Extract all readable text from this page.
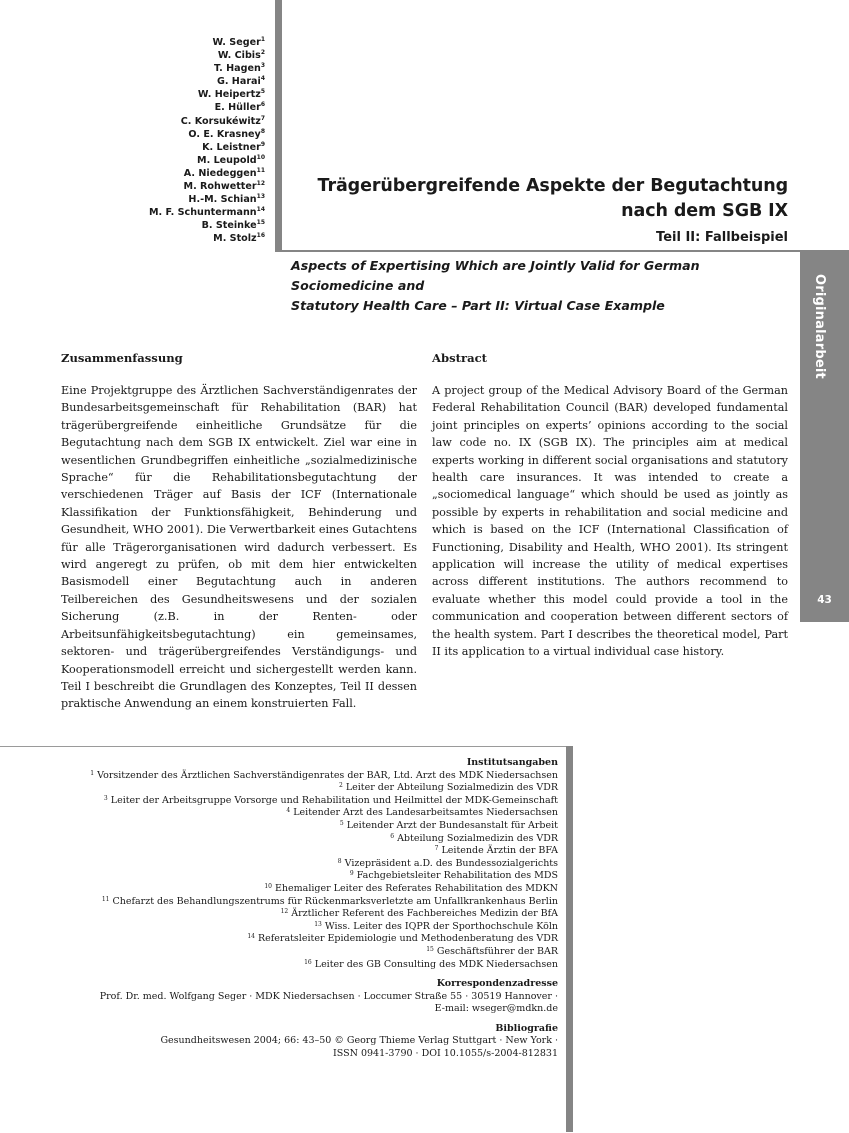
W. Seger$^1$
W. Cibis$^2$
T. Hagen$^3$
G. Harai$^4$
W. Heipertz$^5$
E. Hüller$^6$
C. Korsukéwitz$^7$
O. E. Krasney$^8$
K. Leistner$^9$
M. Leupold$^{10}$
A. Niedeggen$^{11}$
M. Rohwetter$^{12}$
H.-M. Schian$^{13}$
M. F. Schuntermann$^{14}$
B. Steinke$^{15}$
M. Stolz$^{16}$
Trägerübergreifende Aspekte der Begutachtung
nach dem SGB IX
Teil II: Fallbeispiel
Originalarbeit
43
Aspects of Expertising Which are Jointly Valid for German Sociomedicine and
Statutory Health Care – Part II: Virtual Case Example
Zusammenfassung

Eine Projektgruppe des Ärztlichen Sachverständigenrates der Bundesarbeitsgemeinschaft für Rehabilitation (BAR) hat trägerübergreifende einheitliche Grundsätze für die Begutachtung nach dem SGB IX entwickelt. Ziel war eine in wesentlichen Grundbegriffen einheitliche „sozialmedizinische Sprache“ für die Rehabilitationsbegutachtung der verschiedenen Träger auf Basis der ICF (Internationale Klassifikation der Funktionsfähigkeit, Behinderung und Gesundheit, WHO 2001). Die Verwertbarkeit eines Gutachtens für alle Trägerorganisationen wird dadurch verbessert. Es wird angeregt zu prüfen, ob mit dem hier entwickelten Basismodell einer Begutachtung auch in anderen Teilbereichen des Gesundheitswesens und der sozialen Sicherung (z.B. in der Renten- oder Arbeitsunfähigkeitsbegutachtung) ein gemeinsames, sektoren- und trägerübergreifendes Verständigungs- und Kooperationsmodell erreicht und sichergestellt werden kann. Teil I beschreibt die Grundlagen des Konzeptes, Teil II dessen praktische Anwendung an einem konstruierten Fall.

Abstract

A project group of the Medical Advisory Board of the German Federal Rehabilitation Council (BAR) developed fundamental joint principles on experts’ opinions according to the social law code no. IX (SGB IX). The principles aim at medical experts working in different social organisations and statutory health care insurances. It was intended to create a „sociomedical language“ which should be used as jointly as possible by experts in rehabilitation and social medicine and which is based on the ICF (International Classification of Functioning, Disability and Health, WHO 2001). Its stringent application will increase the utility of medical expertises across different institutions. The authors recommend to evaluate whether this model could provide a tool in the communication and cooperation between different sectors of the health system. Part I describes the theoretical model, Part II its application to a virtual individual case history.

Institutsangaben
$^1$ Vorsitzender des Ärztlichen Sachverständigenrates der BAR, Ltd. Arzt des MDK Niedersachsen
$^2$ Leiter der Abteilung Sozialmedizin des VDR
$^3$ Leiter der Arbeitsgruppe Vorsorge und Rehabilitation und Heilmittel der MDK-Gemeinschaft
$^4$ Leitender Arzt des Landesarbeitsamtes Niedersachsen
$^5$ Leitender Arzt der Bundesanstalt für Arbeit
$^6$ Abteilung Sozialmedizin des VDR
$^7$ Leitende Ärztin der BFA
$^8$ Vizepräsident a.D. des Bundessozialgerichts
$^9$ Fachgebietsleiter Rehabilitation des MDS
$^{10}$ Ehemaliger Leiter des Referates Rehabilitation des MDKN
$^{11}$ Chefarzt des Behandlungszentrums für Rückenmarksverletzte am Unfallkrankenhaus Berlin
$^{12}$ Ärztlicher Referent des Fachbereiches Medizin der BfA
$^{13}$ Wiss. Leiter des IQPR der Sporthochschule Köln
$^{14}$ Referatsleiter Epidemiologie und Methodenberatung des VDR
$^{15}$ Geschäftsführer der BAR
$^{16}$ Leiter des GB Consulting des MDK Niedersachsen
Korrespondenzadresse
Prof. Dr. med. Wolfgang Seger · MDK Niedersachsen · Loccumer Straße 55 · 30519 Hannover ·
E-mail: wseger@mdkn.de
Bibliografie
Gesundheitswesen 2004; 66: 43–50 © Georg Thieme Verlag Stuttgart · New York ·
ISSN 0941-3790 · DOI 10.1055/s-2004-812831
